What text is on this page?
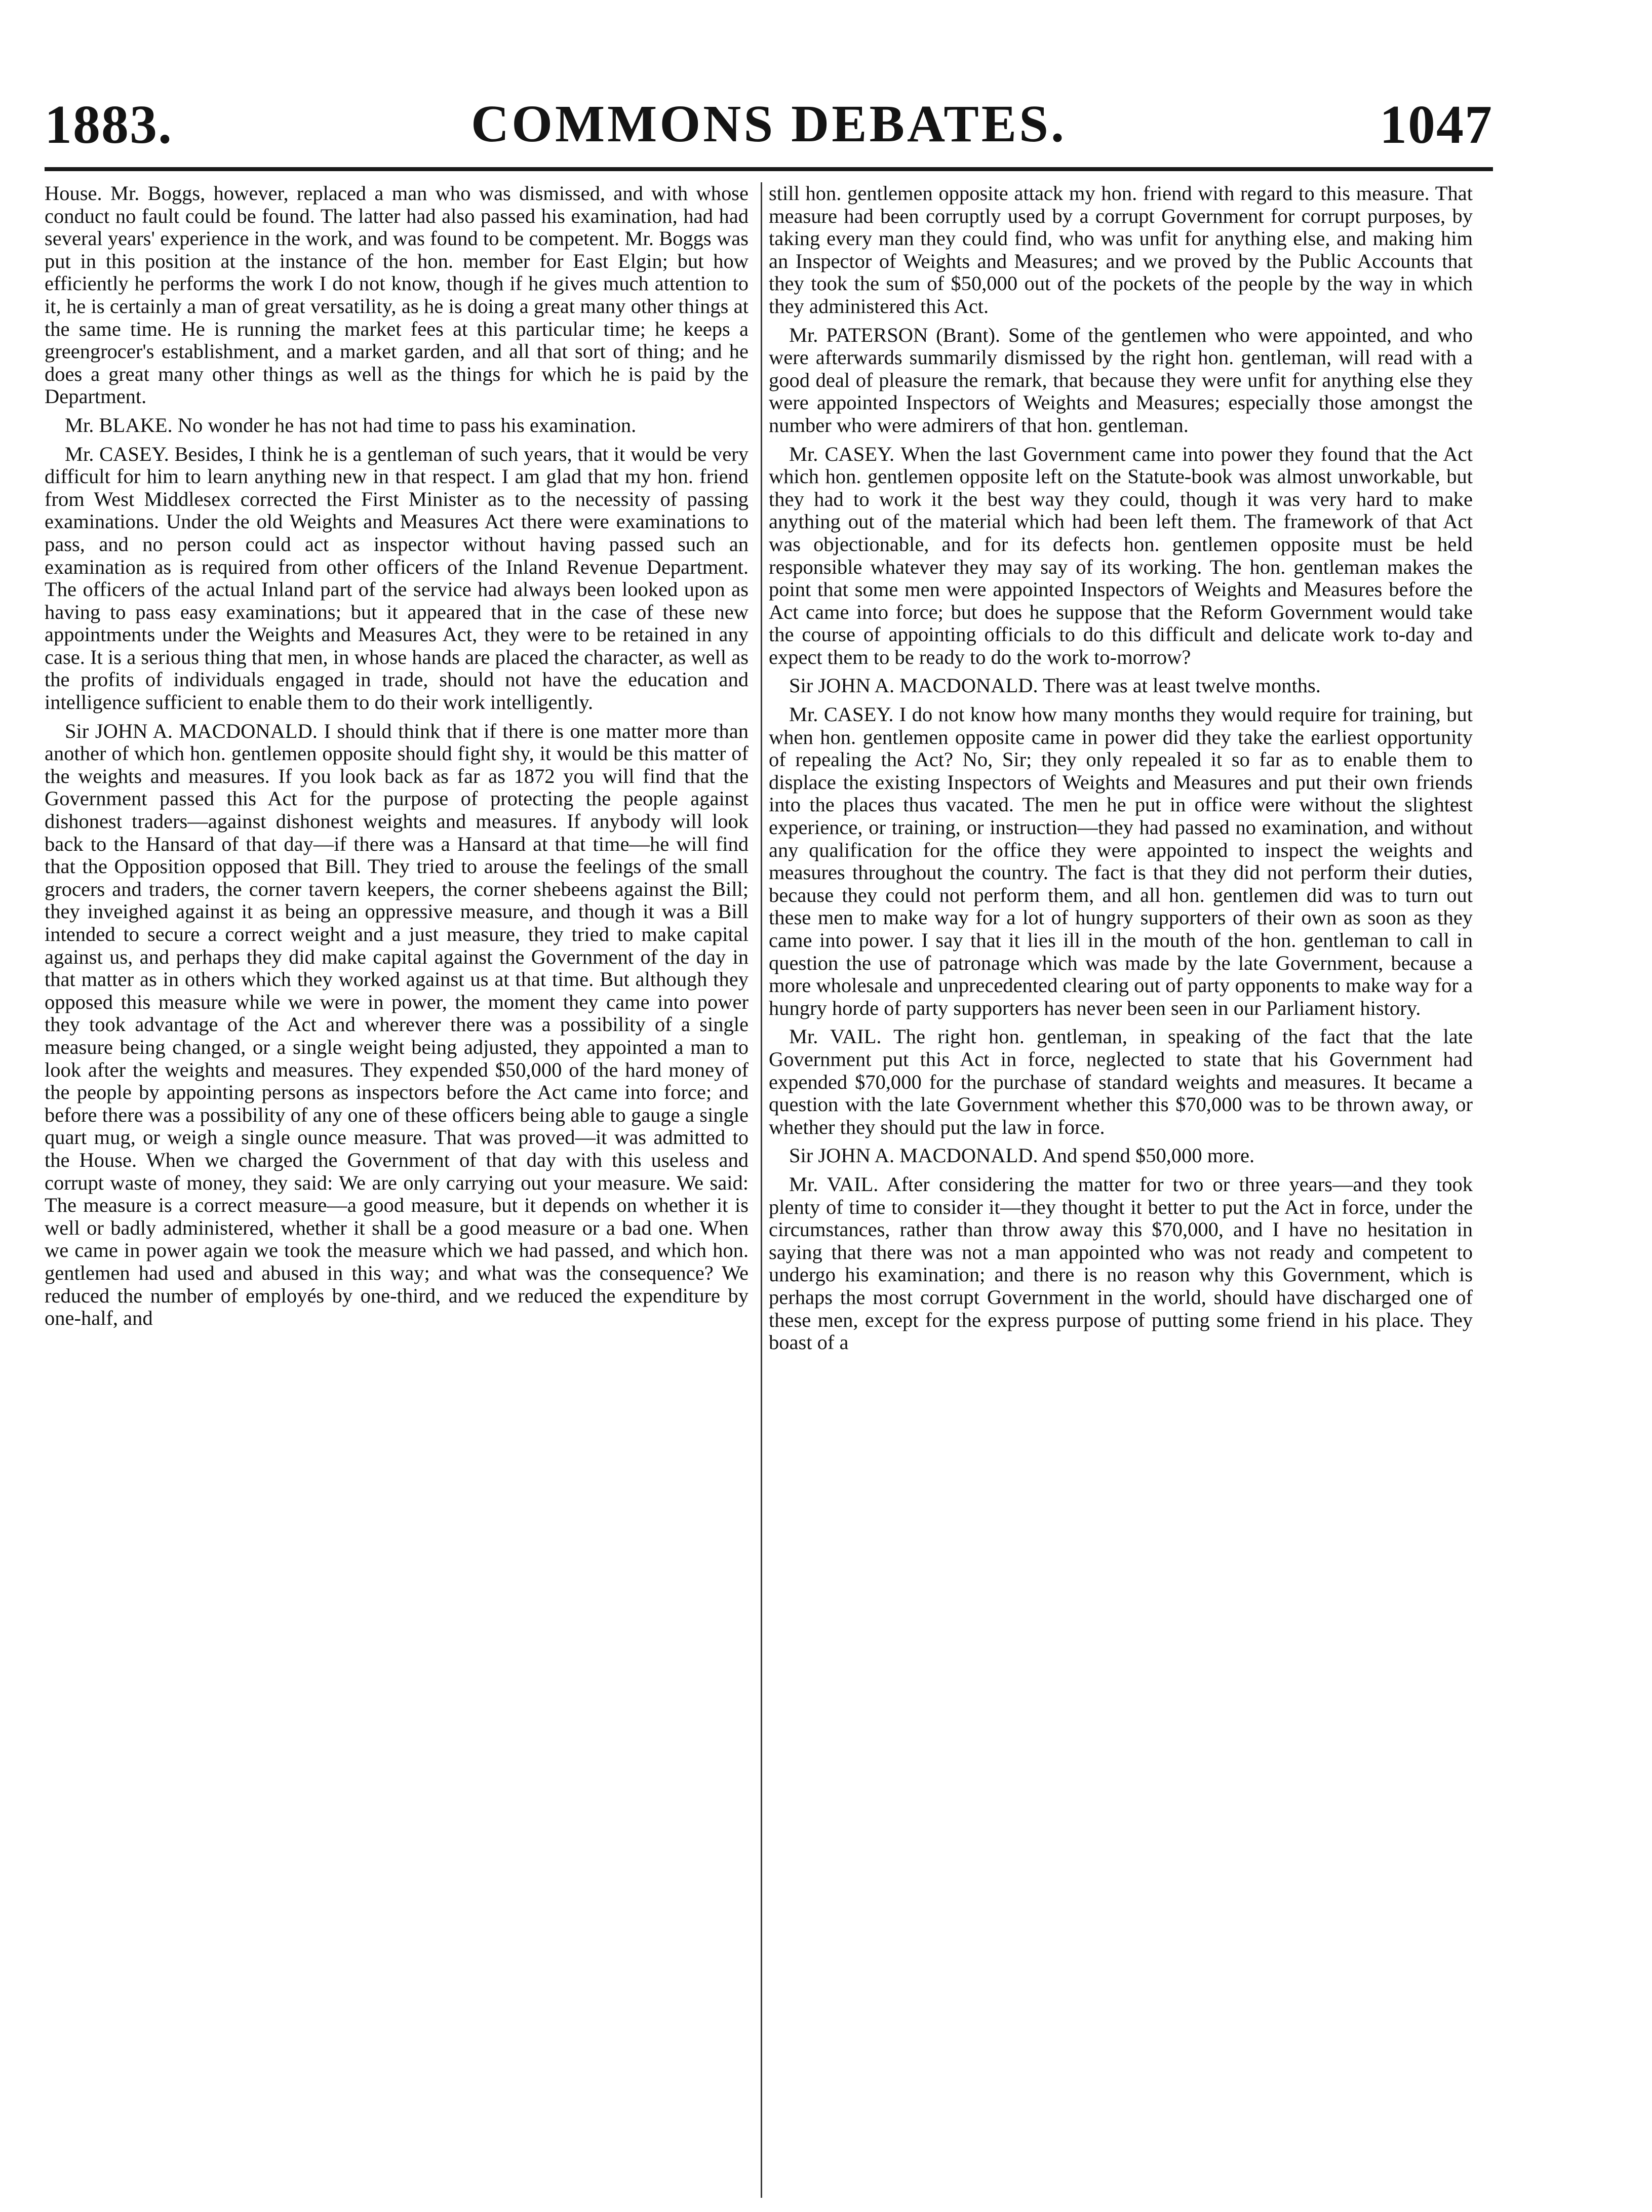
1883.	COMMONS DEBATES.	1047

House. Mr. Boggs, however, replaced a man who was dismissed, and with whose conduct no fault could be found. The latter had also passed his examination, had had several years' experience in the work, and was found to be competent. Mr. Boggs was put in this position at the instance of the hon. member for East Elgin; but how efficiently he performs the work I do not know, though if he gives much attention to it, he is certainly a man of great versatility, as he is doing a great many other things at the same time. He is running the market fees at this particular time; he keeps a greengrocer's establishment, and a market garden, and all that sort of thing; and he does a great many other things as well as the things for which he is paid by the Department.

Mr. BLAKE. No wonder he has not had time to pass his examination.

Mr. CASEY. Besides, I think he is a gentleman of such years, that it would be very difficult for him to learn anything new in that respect. I am glad that my hon. friend from West Middlesex corrected the First Minister as to the necessity of passing examinations. Under the old Weights and Measures Act there were examinations to pass, and no person could act as inspector without having passed such an examination as is required from other officers of the Inland Revenue Department. The officers of the actual Inland part of the service had always been looked upon as having to pass easy examinations; but it appeared that in the case of these new appointments under the Weights and Measures Act, they were to be retained in any case. It is a serious thing that men, in whose hands are placed the character, as well as the profits of individuals engaged in trade, should not have the education and intelligence sufficient to enable them to do their work intelligently.

Sir JOHN A. MACDONALD. I should think that if there is one matter more than another of which hon. gentlemen opposite should fight shy, it would be this matter of the weights and measures. If you look back as far as 1872 you will find that the Government passed this Act for the purpose of protecting the people against dishonest traders—against dishonest weights and measures. If anybody will look back to the Hansard of that day—if there was a Hansard at that time—he will find that the Opposition opposed that Bill. They tried to arouse the feelings of the small grocers and traders, the corner tavern keepers, the corner shebeens against the Bill; they inveighed against it as being an oppressive measure, and though it was a Bill intended to secure a correct weight and a just measure, they tried to make capital against us, and perhaps they did make capital against the Government of the day in that matter as in others which they worked against us at that time. But although they opposed this measure while we were in power, the moment they came into power they took advantage of the Act and wherever there was a possibility of a single measure being changed, or a single weight being adjusted, they appointed a man to look after the weights and measures. They expended $50,000 of the hard money of the people by appointing persons as inspectors before the Act came into force; and before there was a possibility of any one of these officers being able to gauge a single quart mug, or weigh a single ounce measure. That was proved—it was admitted to the House. When we charged the Government of that day with this useless and corrupt waste of money, they said: We are only carrying out your measure. We said: The measure is a correct measure—a good measure, but it depends on whether it is well or badly administered, whether it shall be a good measure or a bad one. When we came in power again we took the measure which we had passed, and which hon. gentlemen had used and abused in this way; and what was the consequence? We reduced the number of employés by one-third, and we reduced the expenditure by one-half, and

still hon. gentlemen opposite attack my hon. friend with regard to this measure. That measure had been corruptly used by a corrupt Government for corrupt purposes, by taking every man they could find, who was unfit for anything else, and making him an Inspector of Weights and Measures; and we proved by the Public Accounts that they took the sum of $50,000 out of the pockets of the people by the way in which they administered this Act.

Mr. PATERSON (Brant). Some of the gentlemen who were appointed, and who were afterwards summarily dismissed by the right hon. gentleman, will read with a good deal of pleasure the remark, that because they were unfit for anything else they were appointed Inspectors of Weights and Measures; especially those amongst the number who were admirers of that hon. gentleman.

Mr. CASEY. When the last Government came into power they found that the Act which hon. gentlemen opposite left on the Statute-book was almost unworkable, but they had to work it the best way they could, though it was very hard to make anything out of the material which had been left them. The framework of that Act was objectionable, and for its defects hon. gentlemen opposite must be held responsible whatever they may say of its working. The hon. gentleman makes the point that some men were appointed Inspectors of Weights and Measures before the Act came into force; but does he suppose that the Reform Government would take the course of appointing officials to do this difficult and delicate work to-day and expect them to be ready to do the work to-morrow?

Sir JOHN A. MACDONALD. There was at least twelve months.

Mr. CASEY. I do not know how many months they would require for training, but when hon. gentlemen opposite came in power did they take the earliest opportunity of repealing the Act? No, Sir; they only repealed it so far as to enable them to displace the existing Inspectors of Weights and Measures and put their own friends into the places thus vacated. The men he put in office were without the slightest experience, or training, or instruction—they had passed no examination, and without any qualification for the office they were appointed to inspect the weights and measures throughout the country. The fact is that they did not perform their duties, because they could not perform them, and all hon. gentlemen did was to turn out these men to make way for a lot of hungry supporters of their own as soon as they came into power. I say that it lies ill in the mouth of the hon. gentleman to call in question the use of patronage which was made by the late Government, because a more wholesale and unprecedented clearing out of party opponents to make way for a hungry horde of party supporters has never been seen in our Parliament history.

Mr. VAIL. The right hon. gentleman, in speaking of the fact that the late Government put this Act in force, neglected to state that his Government had expended $70,000 for the purchase of standard weights and measures. It became a question with the late Government whether this $70,000 was to be thrown away, or whether they should put the law in force.

Sir JOHN A. MACDONALD. And spend $50,000 more.

Mr. VAIL. After considering the matter for two or three years—and they took plenty of time to consider it—they thought it better to put the Act in force, under the circumstances, rather than throw away this $70,000, and I have no hesitation in saying that there was not a man appointed who was not ready and competent to undergo his examination; and there is no reason why this Government, which is perhaps the most corrupt Government in the world, should have discharged one of these men, except for the express purpose of putting some friend in his place. They boast of a
